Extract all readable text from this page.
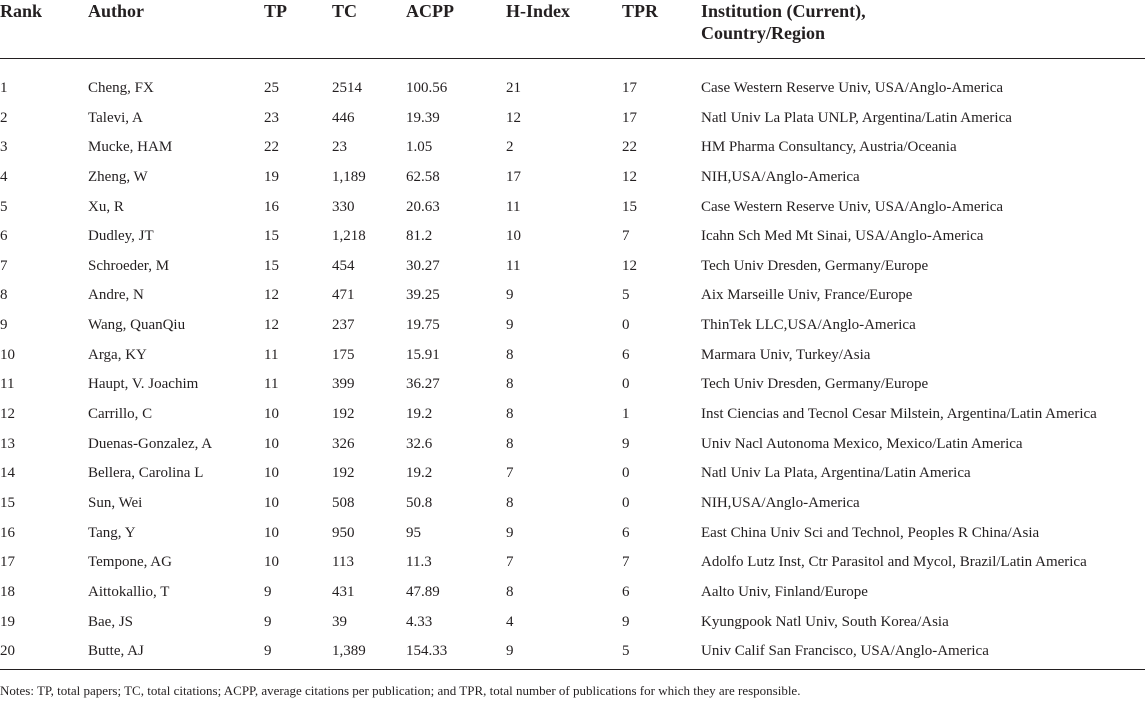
Rank	Author	TP	TC	ACPP	H-Index	TPR	Institution (Current),
Country/Region

1	Cheng, FX	25	2514	100.56	21	17	Case Western Reserve Univ, USA/Anglo-America
2	Talevi, A	23	446	19.39	12	17	Natl Univ La Plata UNLP, Argentina/Latin America
3	Mucke, HAM	22	23	1.05	2	22	HM Pharma Consultancy, Austria/Oceania
4	Zheng, W	19	1,189	62.58	17	12	NIH,USA/Anglo-America
5	Xu, R	16	330	20.63	11	15	Case Western Reserve Univ, USA/Anglo-America
6	Dudley, JT	15	1,218	81.2	10	7	Icahn Sch Med Mt Sinai, USA/Anglo-America
7	Schroeder, M	15	454	30.27	11	12	Tech Univ Dresden, Germany/Europe
8	Andre, N	12	471	39.25	9	5	Aix Marseille Univ, France/Europe
9	Wang, QuanQiu	12	237	19.75	9	0	ThinTek LLC,USA/Anglo-America
10	Arga, KY	11	175	15.91	8	6	Marmara Univ, Turkey/Asia
11	Haupt, V. Joachim	11	399	36.27	8	0	Tech Univ Dresden, Germany/Europe
12	Carrillo, C	10	192	19.2	8	1	Inst Ciencias and Tecnol Cesar Milstein, Argentina/Latin America
13	Duenas-Gonzalez, A	10	326	32.6	8	9	Univ Nacl Autonoma Mexico, Mexico/Latin America
14	Bellera, Carolina L	10	192	19.2	7	0	Natl Univ La Plata, Argentina/Latin America
15	Sun, Wei	10	508	50.8	8	0	NIH,USA/Anglo-America
16	Tang, Y	10	950	95	9	6	East China Univ Sci and Technol, Peoples R China/Asia
17	Tempone, AG	10	113	11.3	7	7	Adolfo Lutz Inst, Ctr Parasitol and Mycol, Brazil/Latin America
18	Aittokallio, T	9	431	47.89	8	6	Aalto Univ, Finland/Europe
19	Bae, JS	9	39	4.33	4	9	Kyungpook Natl Univ, South Korea/Asia
20	Butte, AJ	9	1,389	154.33	9	5	Univ Calif San Francisco, USA/Anglo-America
Notes: TP, total papers; TC, total citations; ACPP, average citations per publication; and TPR, total number of publications for which they are responsible.
